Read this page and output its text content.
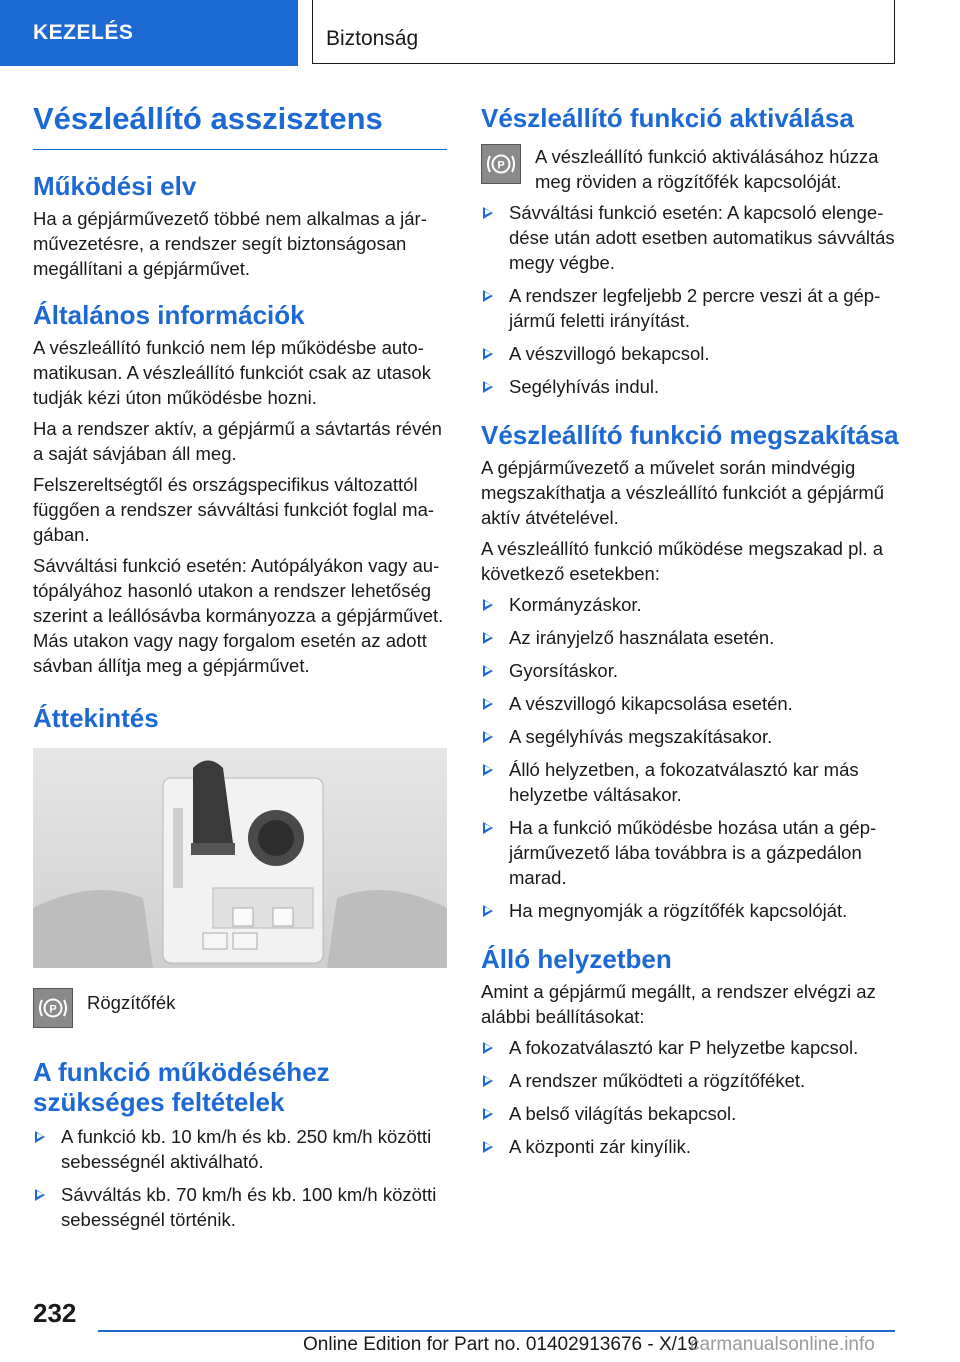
KEZELÉS	Biztonság
Vészleállító asszisztens
Működési elv

Ha a gépjárművezető többé nem alkalmas a járművezetésre, a rendszer segít biztonságosan megállítani a gépjárművet.

Általános információk

A vészleállító funkció nem lép működésbe automatikusan. A vészleállító funkciót csak az utasok tudják kézi úton működésbe hozni.

Ha a rendszer aktív, a gépjármű a sávtartás révén a saját sávjában áll meg.

Felszereltségtől és országspecifikus változattól függően a rendszer sávváltási funkciót foglal magában.

Sávváltási funkció esetén: Autópályákon vagy autópályához hasonló utakon a rendszer lehetőség szerint a leállósávba kormányozza a gépjárművet. Más utakon vagy nagy forgalom esetén az adott sávban állítja meg a gépjárművet.

Áttekintés
P Rögzítőfék
A funkció működéséhez szükséges feltételek
A funkció kb. 10 km/h és kb. 250 km/h közötti sebességnél aktiválható.
Sávváltás kb. 70 km/h és kb. 100 km/h közötti sebességnél történik.
Vészleállító funkció aktiválása
P A vészleállító funkció aktiválásához húzza meg röviden a rögzítőfék kapcsolóját.
Sávváltási funkció esetén: A kapcsoló elengedése után adott esetben automatikus sávváltás megy végbe.
A rendszer legfeljebb 2 percre veszi át a gépjármű feletti irányítást.
A vészvillogó bekapcsol.
Segélyhívás indul.
Vészleállító funkció megszakítása

A gépjárművezető a művelet során mindvégig megszakíthatja a vészleállító funkciót a gépjármű aktív átvételével.

A vészleállító funkció működése megszakad pl. a következő esetekben:

Kormányzáskor.
Az irányjelző használata esetén.
Gyorsításkor.
A vészvillogó kikapcsolása esetén.
A segélyhívás megszakításakor.
Álló helyzetben, a fokozatválasztó kar más helyzetbe váltásakor.
Ha a funkció működésbe hozása után a gépjárművezető lába továbbra is a gázpedálon marad.
Ha megnyomják a rögzítőfék kapcsolóját.
Álló helyzetben

Amint a gépjármű megállt, a rendszer elvégzi az alábbi beállításokat:

A fokozatválasztó kar P helyzetbe kapcsol.
A rendszer működteti a rögzítőféket.
A belső világítás bekapcsol.
A központi zár kinyílik.
232
Online Edition for Part no. 01402913676 - X/19
carmanualsonline.info
